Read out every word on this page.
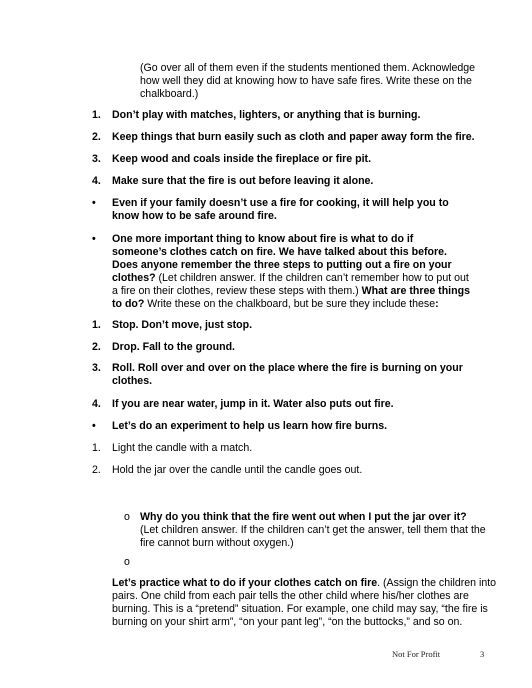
(Go over all of them even if the students mentioned them. Acknowledge how well they did at knowing how to have safe fires. Write these on the chalkboard.)
1. Don’t play with matches, lighters, or anything that is burning.
2. Keep things that burn easily such as cloth and paper away form the fire.
3. Keep wood and coals inside the fireplace or fire pit.
4. Make sure that the fire is out before leaving it alone.
• Even if your family doesn’t use a fire for cooking, it will help you to know how to be safe around fire.
• One more important thing to know about fire is what to do if someone’s clothes catch on fire. We have talked about this before. Does anyone remember the three steps to putting out a fire on your clothes? (Let children answer. If the children can’t remember how to put out a fire on their clothes, review these steps with them.) What are three things to do? Write these on the chalkboard, but be sure they include these:
1. Stop. Don’t move, just stop.
2. Drop. Fall to the ground.
3. Roll. Roll over and over on the place where the fire is burning on your clothes.
4. If you are near water, jump in it. Water also puts out fire.
• Let’s do an experiment to help us learn how fire burns.
1. Light the candle with a match.
2. Hold the jar over the candle until the candle goes out.
o Why do you think that the fire went out when I put the jar over it?
(Let children answer. If the children can’t get the answer, tell them that the fire cannot burn without oxygen.)
o
Let’s practice what to do if your clothes catch on fire. (Assign the children into pairs. One child from each pair tells the other child where his/her clothes are burning. This is a “pretend” situation. For example, one child may say, “the fire is burning on your shirt arm”, “on your pant leg”, “on the buttocks,” and so on.
Not For Profit	3
